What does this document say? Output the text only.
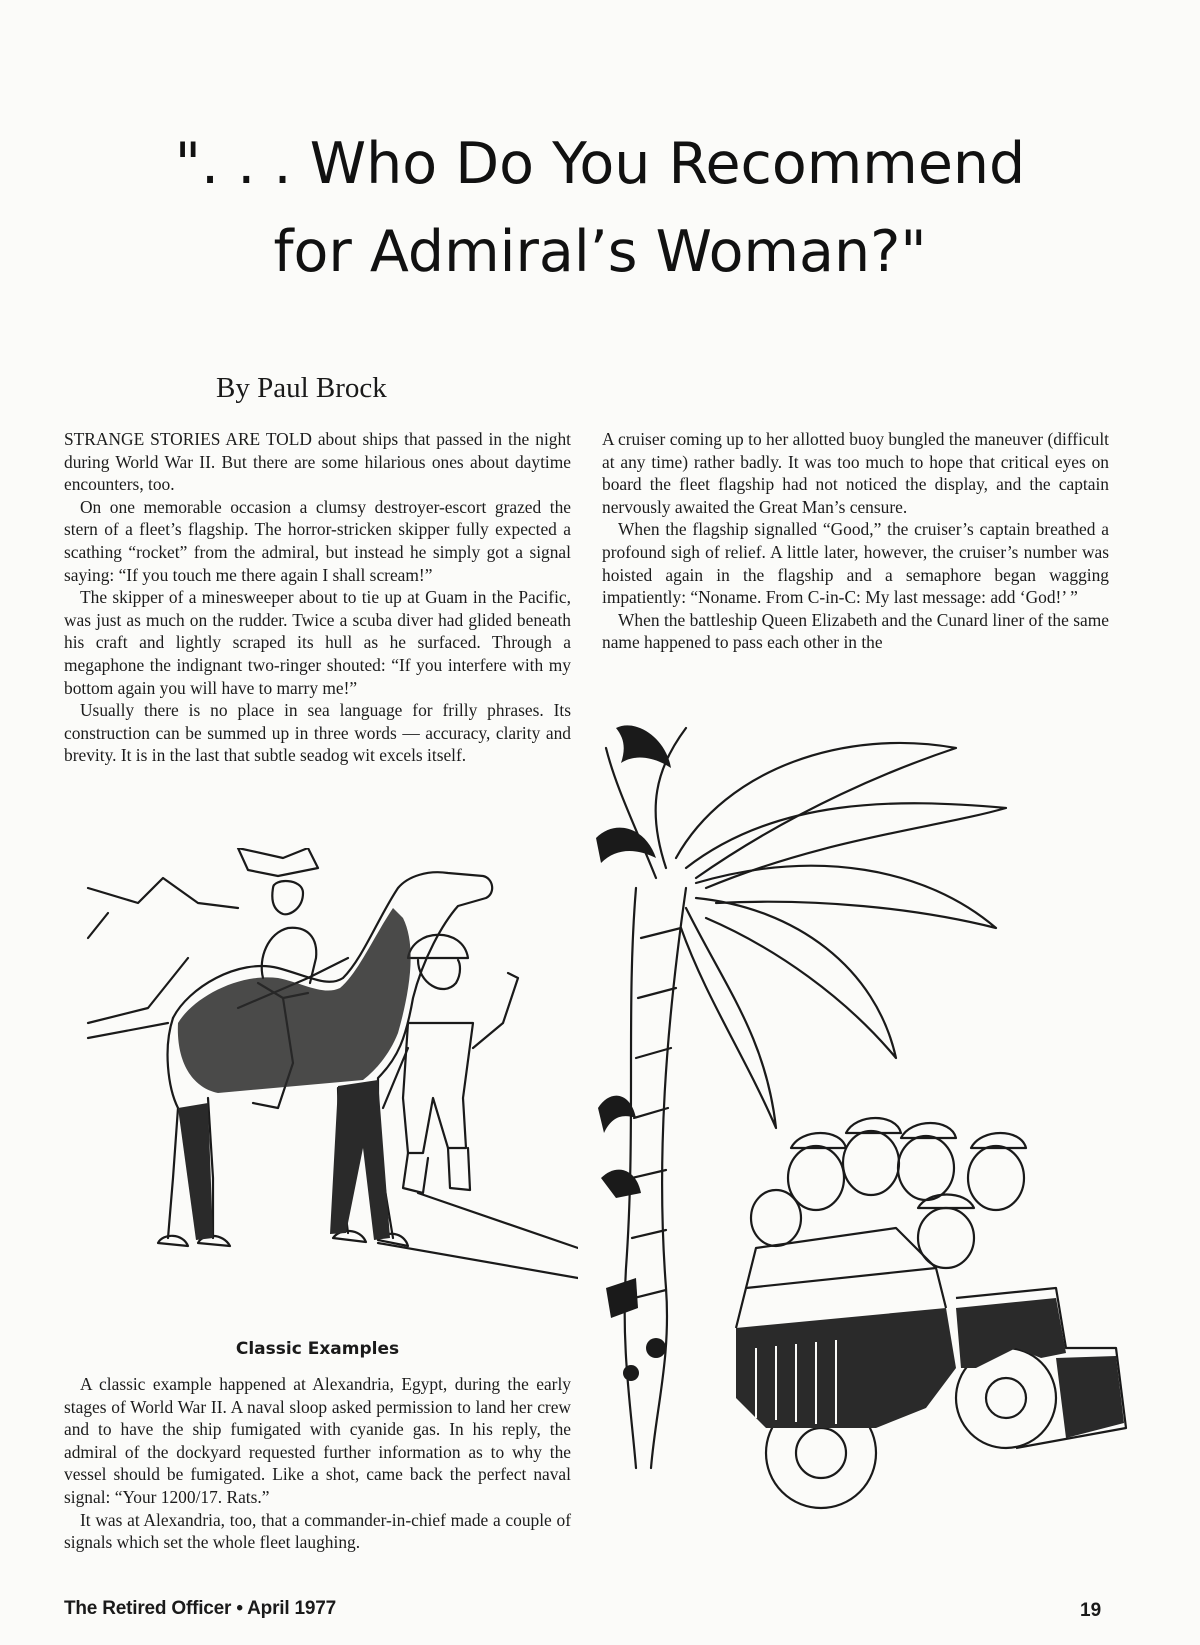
". . . Who Do You Recommend
for Admiral’s Woman?"
By Paul Brock

STRANGE STORIES ARE TOLD about ships that passed in the night during World War II. But there are some hilarious ones about daytime encounters, too.

On one memorable occasion a clumsy destroyer-escort grazed the stern of a fleet’s flagship. The horror-stricken skipper fully expected a scathing “rocket” from the admiral, but instead he simply got a signal saying: “If you touch me there again I shall scream!”

The skipper of a minesweeper about to tie up at Guam in the Pacific, was just as much on the rudder. Twice a scuba diver had glided beneath his craft and lightly scraped its hull as he surfaced. Through a megaphone the indignant two-ringer shouted: “If you interfere with my bottom again you will have to marry me!”

Usually there is no place in sea language for frilly phrases. Its construction can be summed up in three words — accuracy, clarity and brevity. It is in the last that subtle seadog wit excels itself.

Classic Examples

A classic example happened at Alexandria, Egypt, during the early stages of World War II. A naval sloop asked permission to land her crew and to have the ship fumigated with cyanide gas. In his reply, the admiral of the dockyard requested further information as to why the vessel should be fumigated. Like a shot, came back the perfect naval signal: “Your 1200/17. Rats.”

It was at Alexandria, too, that a commander-in-chief made a couple of signals which set the whole fleet laughing.

A cruiser coming up to her allotted buoy bungled the maneuver (difficult at any time) rather badly. It was too much to hope that critical eyes on board the fleet flagship had not noticed the display, and the captain nervously awaited the Great Man’s censure.

When the flagship signalled “Good,” the cruiser’s captain breathed a profound sigh of relief. A little later, however, the cruiser’s number was hoisted again in the flagship and a semaphore began wagging impatiently: “Noname. From C-in-C: My last message: add ‘God!’ ”

When the battleship Queen Elizabeth and the Cunard liner of the same name happened to pass each other in the

The Retired Officer • April 1977	19
